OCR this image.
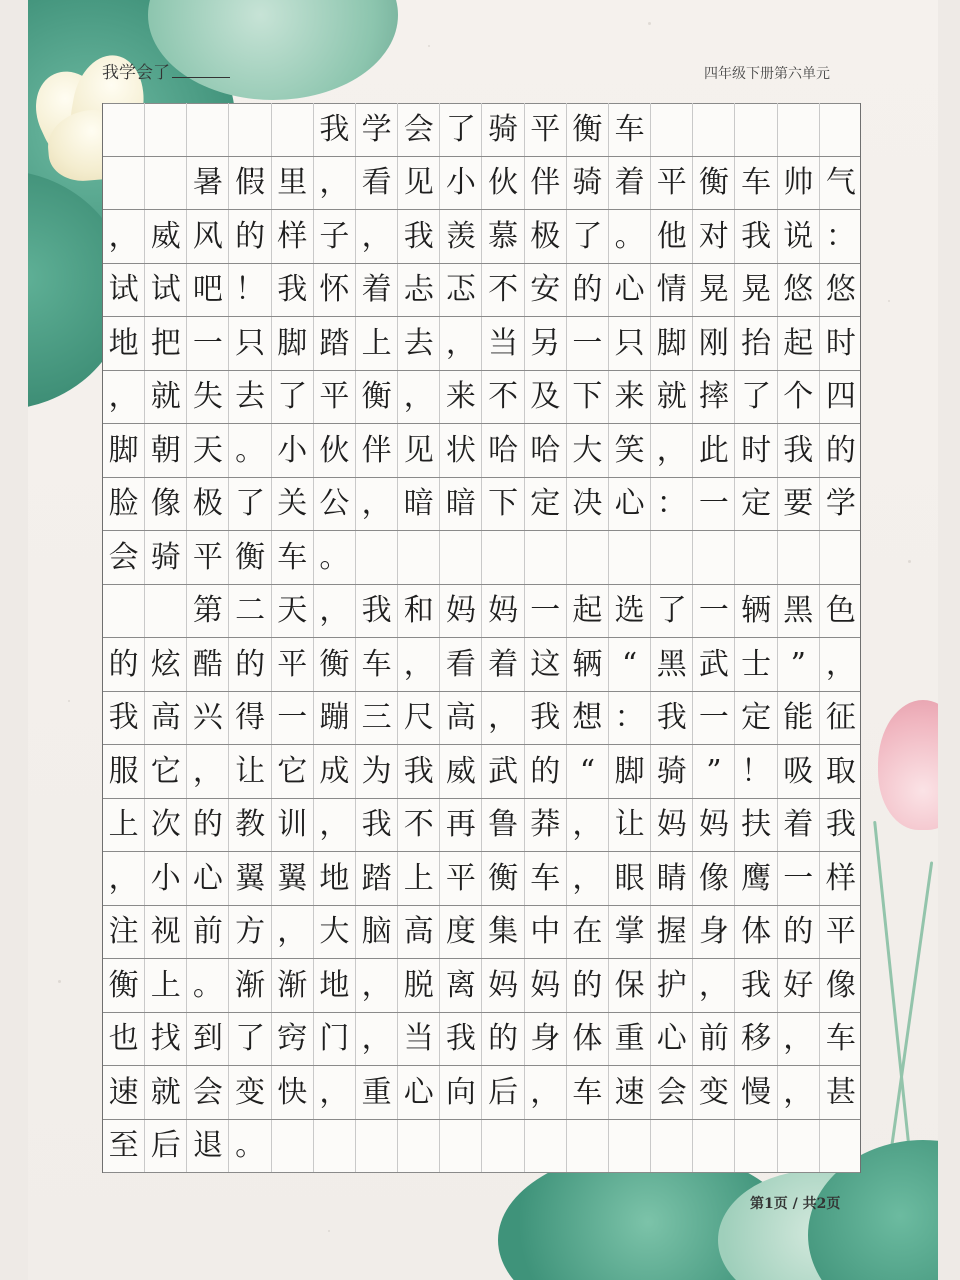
我学会了	四年级下册第六单元
我 学 会 了 骑 平 衡 车
暑 假 里 ， 看 见 小 伙 伴 骑 着 平 衡 车 帅 气
， 威 风 的 样 子 ， 我 羡 慕 极 了 。 他 对 我 说 ：
试 试 吧 ！ 我 怀 着 忐 忑 不 安 的 心 情 晃 晃 悠 悠
地 把 一 只 脚 踏 上 去 ， 当 另 一 只 脚 刚 抬 起 时
， 就 失 去 了 平 衡 ， 来 不 及 下 来 就 摔 了 个 四
脚 朝 天 。 小 伙 伴 见 状 哈 哈 大 笑 ， 此 时 我 的
脸 像 极 了 关 公 ， 暗 暗 下 定 决 心 ： 一 定 要 学
会 骑 平 衡 车 。
第 二 天 ， 我 和 妈 妈 一 起 选 了 一 辆 黑 色
的 炫 酷 的 平 衡 车 ， 看 着 这 辆 “ 黑 武 士 ” ，
我 高 兴 得 一 蹦 三 尺 高 ， 我 想 ： 我 一 定 能 征
服 它 ， 让 它 成 为 我 威 武 的 “ 脚 骑 ” ！ 吸 取
上 次 的 教 训 ， 我 不 再 鲁 莽 ， 让 妈 妈 扶 着 我
， 小 心 翼 翼 地 踏 上 平 衡 车 ， 眼 睛 像 鹰 一 样
注 视 前 方 ， 大 脑 高 度 集 中 在 掌 握 身 体 的 平
衡 上 。 渐 渐 地 ， 脱 离 妈 妈 的 保 护 ， 我 好 像
也 找 到 了 窍 门 ， 当 我 的 身 体 重 心 前 移 ， 车
速 就 会 变 快 ， 重 心 向 后 ， 车 速 会 变 慢 ， 甚
至 后 退 。
第1页 / 共2页
